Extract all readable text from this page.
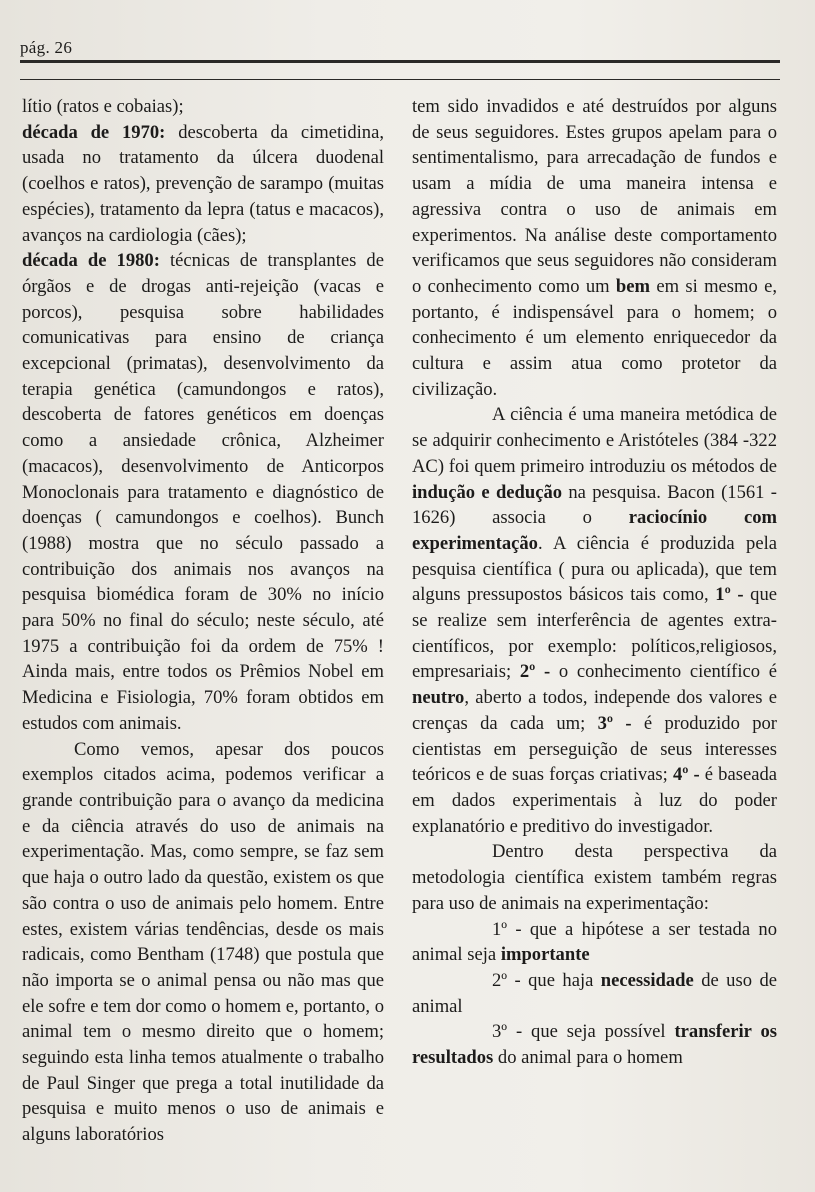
pág. 26

lítio (ratos e cobaias);

década de 1970: descoberta da cimetidina, usada no tratamento da úlcera duodenal (coelhos e ratos), prevenção de sarampo (muitas espécies), tratamento da lepra (tatus e macacos), avanços na cardiologia (cães);

década de 1980: técnicas de transplantes de órgãos e de drogas anti-rejeição (vacas e porcos), pesquisa sobre habilidades comunicativas para ensino de criança excepcional (primatas), desenvolvimento da terapia genética (camundongos e ratos), descoberta de fatores genéticos em doenças como a ansiedade crônica, Alzheimer (macacos), desenvolvimento de Anticorpos Monoclonais para tratamento e diagnóstico de doenças ( camundongos e coelhos). Bunch (1988) mostra que no século passado a contribuição dos animais nos avanços na pesquisa biomédica foram de 30% no início para 50% no final do século; neste século, até 1975 a contribuição foi da ordem de 75% ! Ainda mais, entre todos os Prêmios Nobel em Medicina e Fisiologia, 70% foram obtidos em estudos com animais.

Como vemos, apesar dos poucos exemplos citados acima, podemos verificar a grande contribuição para o avanço da medicina e da ciência através do uso de animais na experimentação. Mas, como sempre, se faz sem que haja o outro lado da questão, existem os que são contra o uso de animais pelo homem. Entre estes, existem várias tendências, desde os mais radicais, como Bentham (1748) que postula que não importa se o animal pensa ou não mas que ele sofre e tem dor como o homem e, portanto, o animal tem o mesmo direito que o homem; seguindo esta linha temos atualmente o trabalho de Paul Singer que prega a total inutilidade da pesquisa e muito menos o uso de animais e alguns laboratórios

tem sido invadidos e até destruídos por alguns de seus seguidores. Estes grupos apelam para o sentimentalismo, para arrecadação de fundos e usam a mídia de uma maneira intensa e agressiva contra o uso de animais em experimentos. Na análise deste comportamento verificamos que seus seguidores não consideram o conhecimento como um bem em si mesmo e, portanto, é indispensável para o homem; o conhecimento é um elemento enriquecedor da cultura e assim atua como protetor da civilização.

A ciência é uma maneira metódica de se adquirir conhecimento e Aristóteles (384 -322 AC) foi quem primeiro introduziu os métodos de indução e dedução na pesquisa. Bacon (1561 - 1626) associa o raciocínio com experimentação. A ciência é produzida pela pesquisa científica ( pura ou aplicada), que tem alguns pressupostos básicos tais como, 1º - que se realize sem interferência de agentes extra-científicos, por exemplo: políticos,religiosos, empresariais; 2º - o conhecimento científico é neutro, aberto a todos, independe dos valores e crenças da cada um; 3º - é produzido por cientistas em perseguição de seus interesses teóricos e de suas forças criativas; 4º - é baseada em dados experimentais à luz do poder explanatório e preditivo do investigador.

Dentro desta perspectiva da metodologia científica existem também regras para uso de animais na experimentação:

1º - que a hipótese a ser testada no animal seja importante

2º - que haja necessidade de uso de animal

3º - que seja possível transferir os resultados do animal para o homem
